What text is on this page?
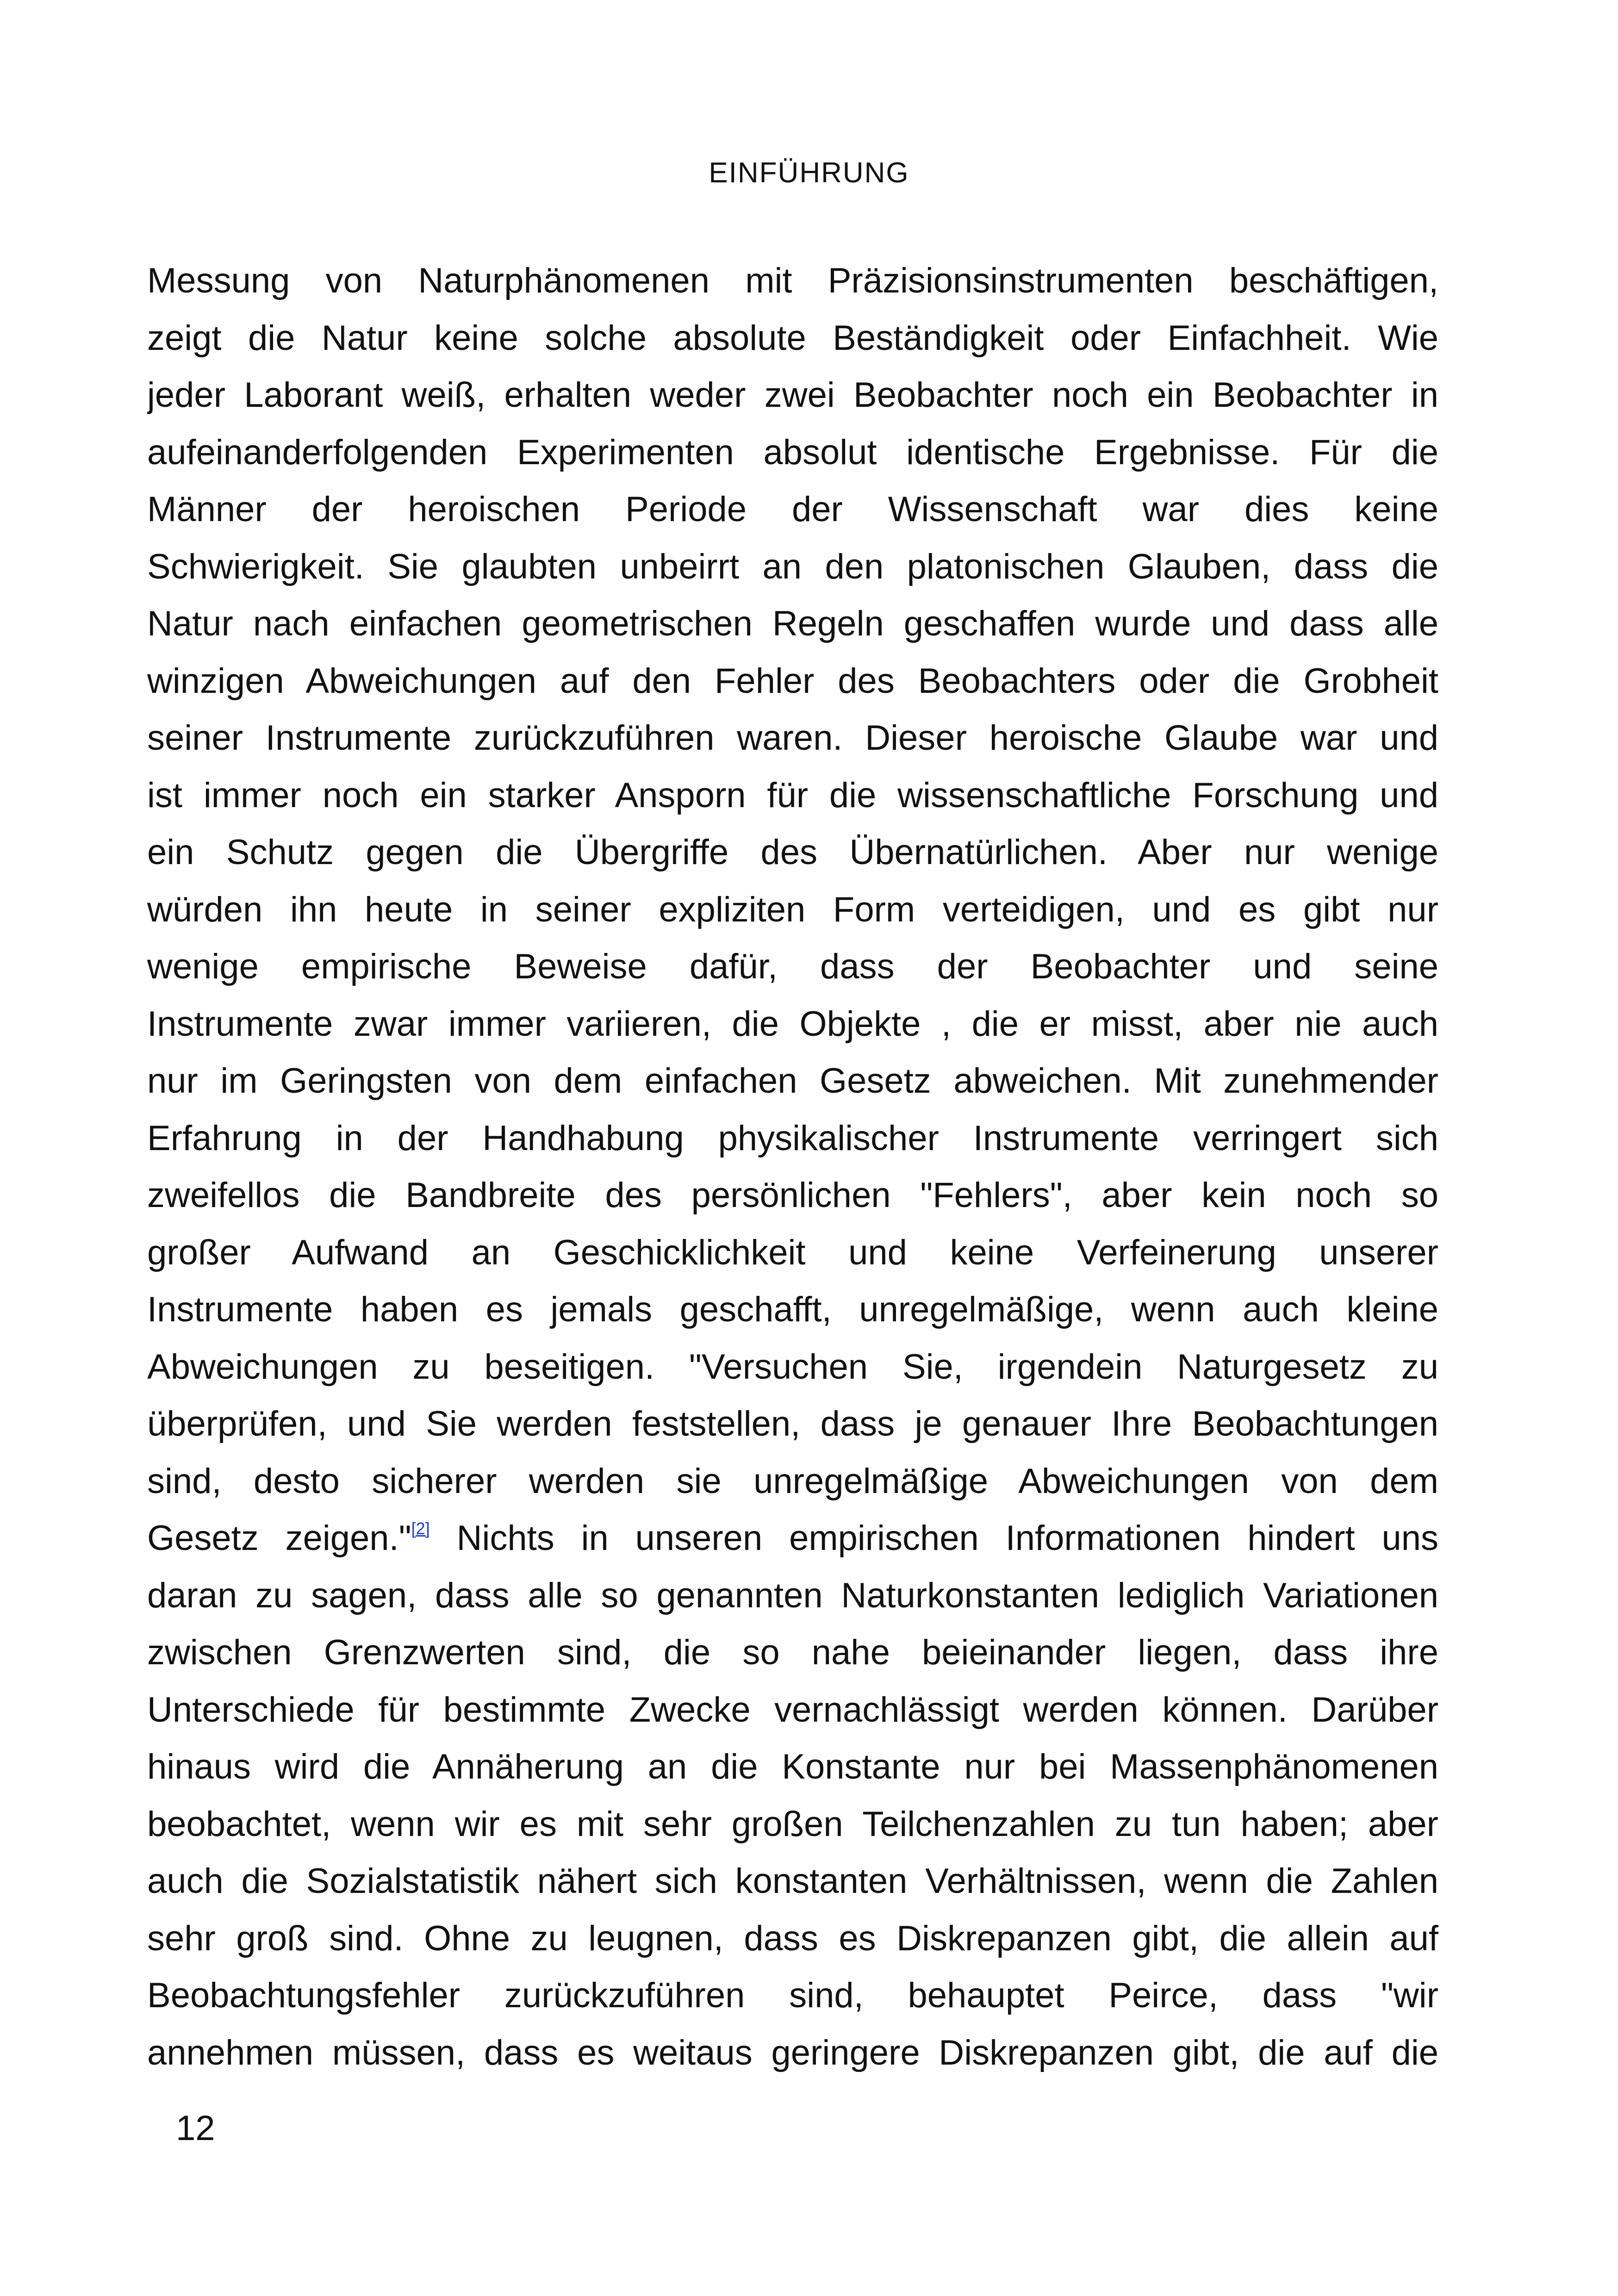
EINFÜHRUNG
Messung von Naturphänomenen mit Präzisionsinstrumenten beschäftigen,
zeigt die Natur keine solche absolute Beständigkeit oder Einfachheit. Wie
jeder Laborant weiß, erhalten weder zwei Beobachter noch ein Beobachter in
aufeinanderfolgenden Experimenten absolut identische Ergebnisse. Für die
Männer der heroischen Periode der Wissenschaft war dies keine
Schwierigkeit. Sie glaubten unbeirrt an den platonischen Glauben, dass die
Natur nach einfachen geometrischen Regeln geschaffen wurde und dass alle
winzigen Abweichungen auf den Fehler des Beobachters oder die Grobheit
seiner Instrumente zurückzuführen waren. Dieser heroische Glaube war und
ist immer noch ein starker Ansporn für die wissenschaftliche Forschung und
ein Schutz gegen die Übergriffe des Übernatürlichen. Aber nur wenige
würden ihn heute in seiner expliziten Form verteidigen, und es gibt nur
wenige empirische Beweise dafür, dass der Beobachter und seine
Instrumente zwar immer variieren, die Objekte , die er misst, aber nie auch
nur im Geringsten von dem einfachen Gesetz abweichen. Mit zunehmender
Erfahrung in der Handhabung physikalischer Instrumente verringert sich
zweifellos die Bandbreite des persönlichen "Fehlers", aber kein noch so
großer Aufwand an Geschicklichkeit und keine Verfeinerung unserer
Instrumente haben es jemals geschafft, unregelmäßige, wenn auch kleine
Abweichungen zu beseitigen. "Versuchen Sie, irgendein Naturgesetz zu
überprüfen, und Sie werden feststellen, dass je genauer Ihre Beobachtungen
sind, desto sicherer werden sie unregelmäßige Abweichungen von dem
Gesetz zeigen."[2] Nichts in unseren empirischen Informationen hindert uns
daran zu sagen, dass alle so genannten Naturkonstanten lediglich Variationen
zwischen Grenzwerten sind, die so nahe beieinander liegen, dass ihre
Unterschiede für bestimmte Zwecke vernachlässigt werden können. Darüber
hinaus wird die Annäherung an die Konstante nur bei Massenphänomenen
beobachtet, wenn wir es mit sehr großen Teilchenzahlen zu tun haben; aber
auch die Sozialstatistik nähert sich konstanten Verhältnissen, wenn die Zahlen
sehr groß sind. Ohne zu leugnen, dass es Diskrepanzen gibt, die allein auf
Beobachtungsfehler zurückzuführen sind, behauptet Peirce, dass "wir
annehmen müssen, dass es weitaus geringere Diskrepanzen gibt, die auf die
12
